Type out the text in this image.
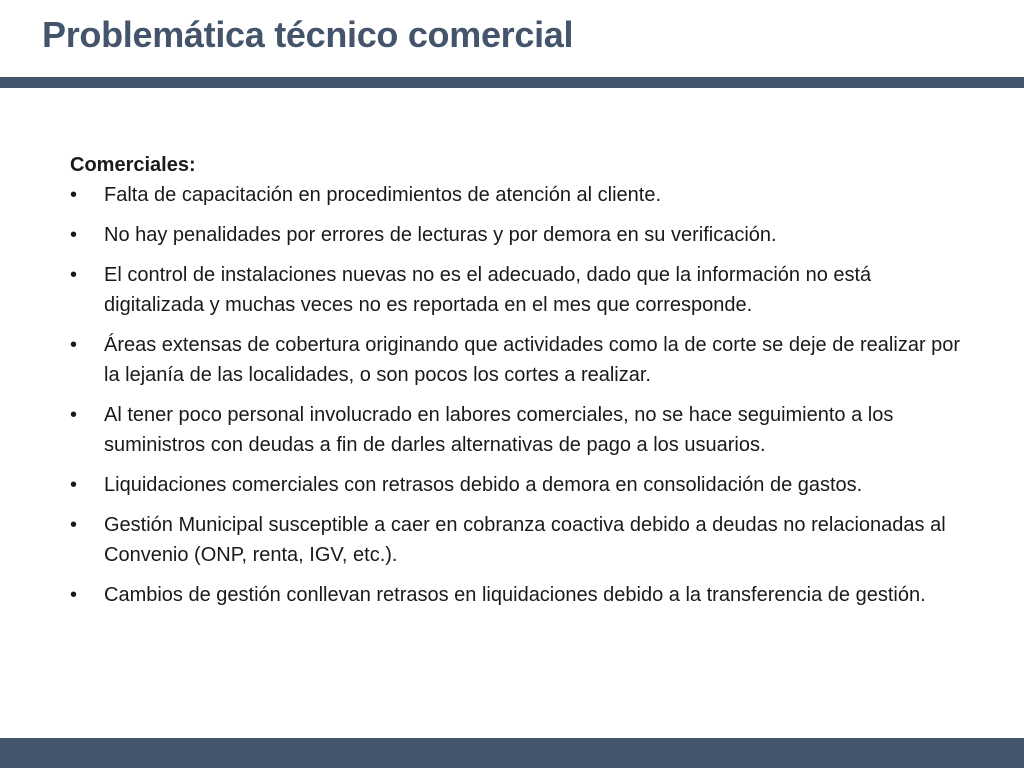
Problemática técnico comercial

Comerciales:

• Falta de capacitación en procedimientos de atención al cliente.
• No hay penalidades por errores de lecturas y por demora en su verificación.
• El control de instalaciones nuevas no es el adecuado, dado que la información no está digitalizada y muchas veces no es reportada en el mes que corresponde.
• Áreas extensas de cobertura originando que actividades como la de corte se deje de realizar por la lejanía de las localidades, o son pocos los cortes a realizar.
• Al tener poco personal involucrado en labores comerciales, no se hace seguimiento a los suministros con deudas a fin de darles alternativas de pago a los usuarios.
• Liquidaciones comerciales con retrasos debido a demora en consolidación de gastos.
• Gestión Municipal susceptible a caer en cobranza coactiva debido a deudas no relacionadas al Convenio (ONP, renta, IGV, etc.).
• Cambios de gestión conllevan retrasos en liquidaciones debido a la transferencia de gestión.
